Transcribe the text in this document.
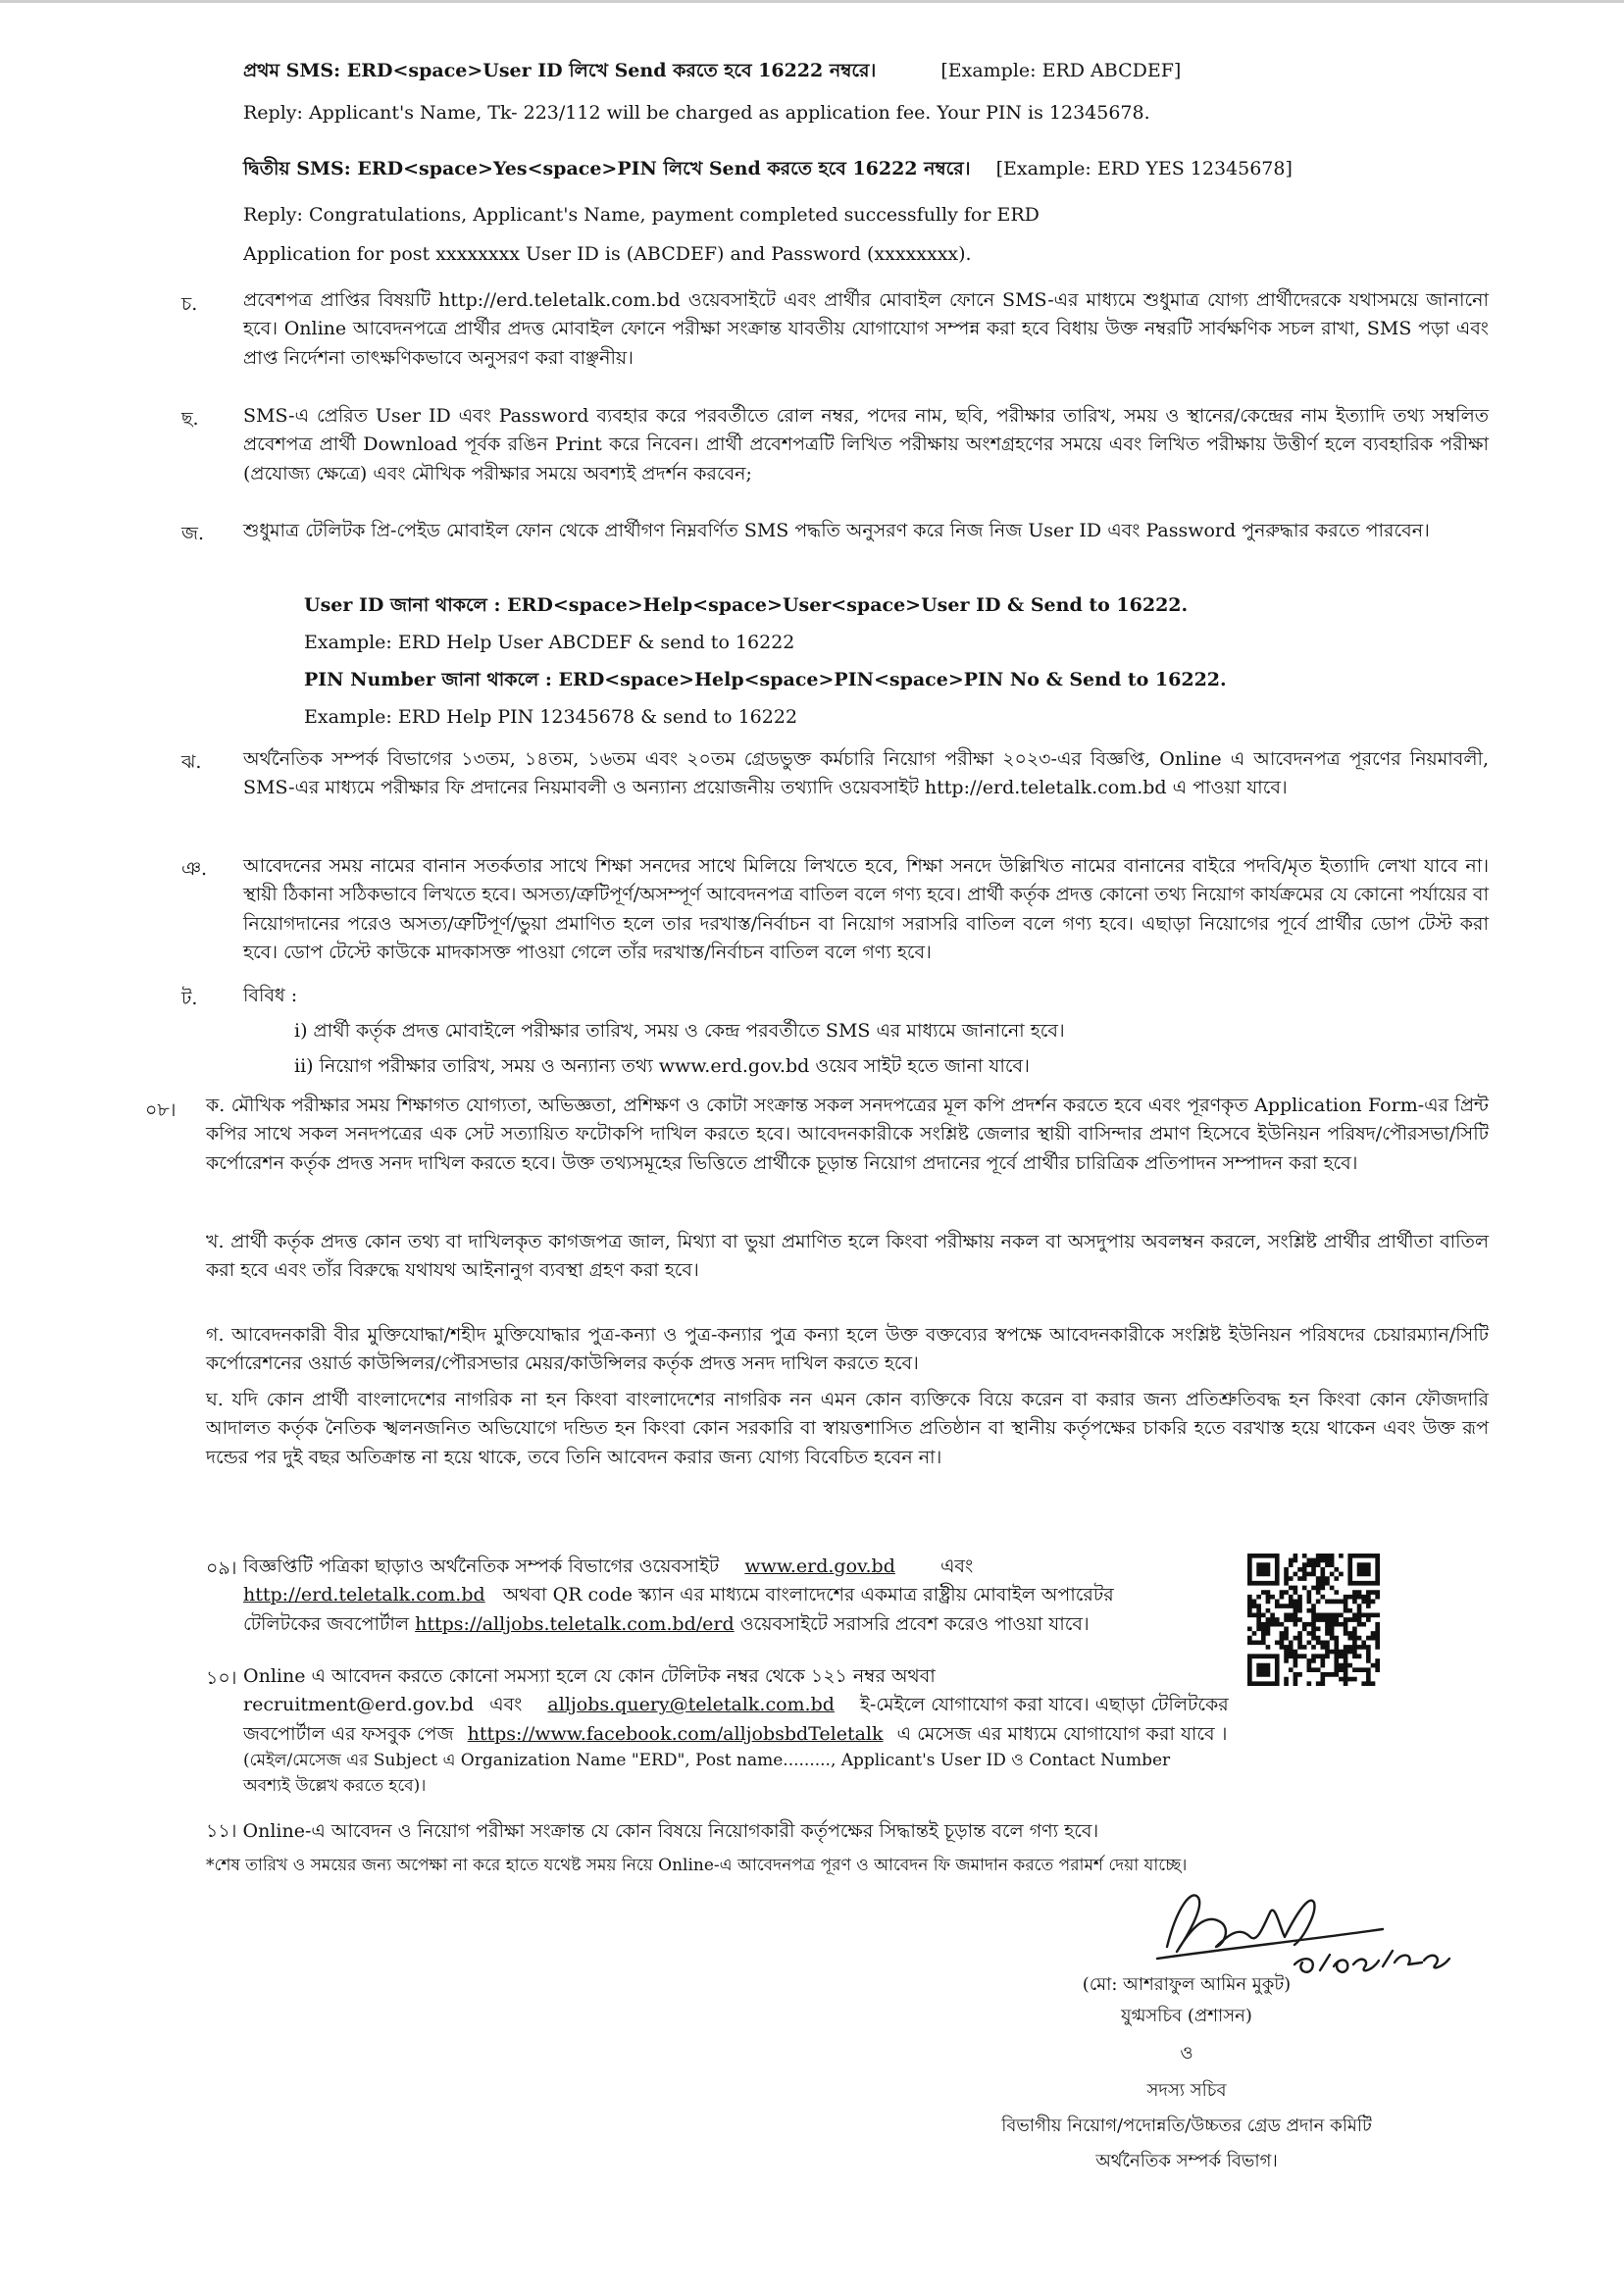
প্রথম SMS: ERD<space>User ID লিখে Send করতে হবে 16222 নম্বরে।	[Example: ERD ABCDEF]
Reply: Applicant's Name, Tk- 223/112 will be charged as application fee. Your PIN is 12345678.
দ্বিতীয় SMS: ERD<space>Yes<space>PIN লিখে Send করতে হবে 16222 নম্বরে। [Example: ERD YES 12345678]
Reply: Congratulations, Applicant's Name, payment completed successfully for ERD
Application for post xxxxxxxx User ID is (ABCDEF) and Password (xxxxxxxx).
চ. প্রবেশপত্র প্রাপ্তির বিষয়টি http://erd.teletalk.com.bd ওয়েবসাইটে এবং প্রার্থীর মোবাইল ফোনে SMS-এর মাধ্যমে শুধুমাত্র যোগ্য প্রার্থীদেরকে যথাসময়ে জানানো হবে। Online আবেদনপত্রে প্রার্থীর প্রদত্ত মোবাইল ফোনে পরীক্ষা সংক্রান্ত যাবতীয় যোগাযোগ সম্পন্ন করা হবে বিধায় উক্ত নম্বরটি সার্বক্ষণিক সচল রাখা, SMS পড়া এবং প্রাপ্ত নির্দেশনা তাৎক্ষণিকভাবে অনুসরণ করা বাঞ্ছনীয়।
ছ. SMS-এ প্রেরিত User ID এবং Password ব্যবহার করে পরবর্তীতে রোল নম্বর, পদের নাম, ছবি, পরীক্ষার তারিখ, সময় ও স্থানের/কেন্দ্রের নাম ইত্যাদি তথ্য সম্বলিত প্রবেশপত্র প্রার্থী Download পূর্বক রঙিন Print করে নিবেন। প্রার্থী প্রবেশপত্রটি লিখিত পরীক্ষায় অংশগ্রহণের সময়ে এবং লিখিত পরীক্ষায় উত্তীর্ণ হলে ব্যবহারিক পরীক্ষা (প্রযোজ্য ক্ষেত্রে) এবং মৌখিক পরীক্ষার সময়ে অবশ্যই প্রদর্শন করবেন;
জ. শুধুমাত্র টেলিটক প্রি-পেইড মোবাইল ফোন থেকে প্রার্থীগণ নিম্নবর্ণিত SMS পদ্ধতি অনুসরণ করে নিজ নিজ User ID এবং Password পুনরুদ্ধার করতে পারবেন।
User ID জানা থাকলে : ERD<space>Help<space>User<space>User ID & Send to 16222.
Example: ERD Help User ABCDEF & send to 16222
PIN Number জানা থাকলে : ERD<space>Help<space>PIN<space>PIN No & Send to 16222.
Example: ERD Help PIN 12345678 & send to 16222
ঝ. অর্থনৈতিক সম্পর্ক বিভাগের ১৩তম, ১৪তম, ১৬তম এবং ২০তম গ্রেডভুক্ত কর্মচারি নিয়োগ পরীক্ষা ২০২৩-এর বিজ্ঞপ্তি, Online এ আবেদনপত্র পূরণের নিয়মাবলী, SMS-এর মাধ্যমে পরীক্ষার ফি প্রদানের নিয়মাবলী ও অন্যান্য প্রয়োজনীয় তথ্যাদি ওয়েবসাইট http://erd.teletalk.com.bd এ পাওয়া যাবে।
ঞ. আবেদনের সময় নামের বানান সতর্কতার সাথে শিক্ষা সনদের সাথে মিলিয়ে লিখতে হবে, শিক্ষা সনদে উল্লিখিত নামের বানানের বাইরে পদবি/মৃত ইত্যাদি লেখা যাবে না। স্থায়ী ঠিকানা সঠিকভাবে লিখতে হবে। অসত্য/ত্রুটিপূর্ণ/অসম্পূর্ণ আবেদনপত্র বাতিল বলে গণ্য হবে। প্রার্থী কর্তৃক প্রদত্ত কোনো তথ্য নিয়োগ কার্যক্রমের যে কোনো পর্যায়ের বা নিয়োগদানের পরেও অসত্য/ত্রুটিপূর্ণ/ভুয়া প্রমাণিত হলে তার দরখাস্ত/নির্বাচন বা নিয়োগ সরাসরি বাতিল বলে গণ্য হবে। এছাড়া নিয়োগের পূর্বে প্রার্থীর ডোপ টেস্ট করা হবে। ডোপ টেস্টে কাউকে মাদকাসক্ত পাওয়া গেলে তাঁর দরখাস্ত/নির্বাচন বাতিল বলে গণ্য হবে।
ট. বিবিধ :
i) প্রার্থী কর্তৃক প্রদত্ত মোবাইলে পরীক্ষার তারিখ, সময় ও কেন্দ্র পরবর্তীতে SMS এর মাধ্যমে জানানো হবে।
ii) নিয়োগ পরীক্ষার তারিখ, সময় ও অন্যান্য তথ্য www.erd.gov.bd ওয়েব সাইট হতে জানা যাবে।
০৮। ক. মৌখিক পরীক্ষার সময় শিক্ষাগত যোগ্যতা, অভিজ্ঞতা, প্রশিক্ষণ ও কোটা সংক্রান্ত সকল সনদপত্রের মূল কপি প্রদর্শন করতে হবে এবং পূরণকৃত Application Form-এর প্রিন্ট কপির সাথে সকল সনদপত্রের এক সেট সত্যায়িত ফটোকপি দাখিল করতে হবে। আবেদনকারীকে সংশ্লিষ্ট জেলার স্থায়ী বাসিন্দার প্রমাণ হিসেবে ইউনিয়ন পরিষদ/পৌরসভা/সিটি কর্পোরেশন কর্তৃক প্রদত্ত সনদ দাখিল করতে হবে। উক্ত তথ্যসমূহের ভিত্তিতে প্রার্থীকে চূড়ান্ত নিয়োগ প্রদানের পূর্বে প্রার্থীর চারিত্রিক প্রতিপাদন সম্পাদন করা হবে।
খ. প্রার্থী কর্তৃক প্রদত্ত কোন তথ্য বা দাখিলকৃত কাগজপত্র জাল, মিথ্যা বা ভুয়া প্রমাণিত হলে কিংবা পরীক্ষায় নকল বা অসদুপায় অবলম্বন করলে, সংশ্লিষ্ট প্রার্থীর প্রার্থীতা বাতিল করা হবে এবং তাঁর বিরুদ্ধে যথাযথ আইনানুগ ব্যবস্থা গ্রহণ করা হবে।
গ. আবেদনকারী বীর মুক্তিযোদ্ধা/শহীদ মুক্তিযোদ্ধার পুত্র-কন্যা ও পুত্র-কন্যার পুত্র কন্যা হলে উক্ত বক্তব্যের স্বপক্ষে আবেদনকারীকে সংশ্লিষ্ট ইউনিয়ন পরিষদের চেয়ারম্যান/সিটি কর্পোরেশনের ওয়ার্ড কাউন্সিলর/পৌরসভার মেয়র/কাউন্সিলর কর্তৃক প্রদত্ত সনদ দাখিল করতে হবে।
ঘ. যদি কোন প্রার্থী বাংলাদেশের নাগরিক না হন কিংবা বাংলাদেশের নাগরিক নন এমন কোন ব্যক্তিকে বিয়ে করেন বা করার জন্য প্রতিশ্রুতিবদ্ধ হন কিংবা কোন ফৌজদারি আদালত কর্তৃক নৈতিক স্খলনজনিত অভিযোগে দন্ডিত হন কিংবা কোন সরকারি বা স্বায়ত্তশাসিত প্রতিষ্ঠান বা স্থানীয় কর্তৃপক্ষের চাকরি হতে বরখাস্ত হয়ে থাকেন এবং উক্ত রূপ দন্ডের পর দুই বছর অতিক্রান্ত না হয়ে থাকে, তবে তিনি আবেদন করার জন্য যোগ্য বিবেচিত হবেন না।
০৯। বিজ্ঞপ্তিটি পত্রিকা ছাড়াও অর্থনৈতিক সম্পর্ক বিভাগের ওয়েবসাইট www.erd.gov.bd এবং
http://erd.teletalk.com.bd অথবা QR code স্ক্যান এর মাধ্যমে বাংলাদেশের একমাত্র রাষ্ট্রীয় মোবাইল অপারেটর
টেলিটকের জবপোর্টাল https://alljobs.teletalk.com.bd/erd ওয়েবসাইটে সরাসরি প্রবেশ করেও পাওয়া যাবে।
১০। Online এ আবেদন করতে কোনো সমস্যা হলে যে কোন টেলিটক নম্বর থেকে ১২১ নম্বর অথবা
recruitment@erd.gov.bd এবং alljobs.query@teletalk.com.bd ই-মেইলে যোগাযোগ করা যাবে। এছাড়া টেলিটকের
জবপোর্টাল এর ফসবুক পেজ https://www.facebook.com/alljobsbdTeletalk এ মেসেজ এর মাধ্যমে যোগাযোগ করা যাবে ।
(মেইল/মেসেজ এর Subject এ Organization Name "ERD", Post name........., Applicant's User ID ও Contact Number
অবশ্যই উল্লেখ করতে হবে)।
১১। Online-এ আবেদন ও নিয়োগ পরীক্ষা সংক্রান্ত যে কোন বিষয়ে নিয়োগকারী কর্তৃপক্ষের সিদ্ধান্তই চূড়ান্ত বলে গণ্য হবে।
*শেষ তারিখ ও সময়ের জন্য অপেক্ষা না করে হাতে যথেষ্ট সময় নিয়ে Online-এ আবেদনপত্র পূরণ ও আবেদন ফি জমাদান করতে পরামর্শ দেয়া যাচ্ছে।
(মো: আশরাফুল আমিন মুকুট)
যুগ্মসচিব (প্রশাসন)
ও
সদস্য সচিব
বিভাগীয় নিয়োগ/পদোন্নতি/উচ্চতর গ্রেড প্রদান কমিটি
অর্থনৈতিক সম্পর্ক বিভাগ।
